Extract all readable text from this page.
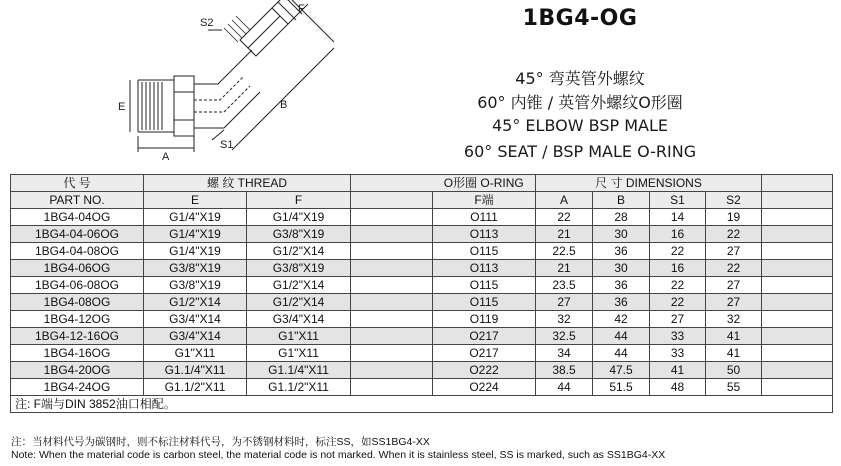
S2
F
E
A
B
S1
1BG4-OG
45° 弯英管外螺纹
60° 内锥 / 英管外螺纹O形圈
45° ELBOW BSP MALE
60° SEAT / BSP MALE O-RING
代 号	螺 纹 THREAD			O形圈 O-RING	尺 寸 DIMENSIONS				
PART NO.	E	F		F端	A	B	S1	S2	
1BG4-04OG	G1/4"X19	G1/4"X19		O111	22	28	14	19	
1BG4-04-06OG	G1/4"X19	G3/8"X19		O113	21	30	16	22	
1BG4-04-08OG	G1/4"X19	G1/2"X14		O115	22.5	36	22	27	
1BG4-06OG	G3/8"X19	G3/8"X19		O113	21	30	16	22	
1BG4-06-08OG	G3/8"X19	G1/2"X14		O115	23.5	36	22	27	
1BG4-08OG	G1/2"X14	G1/2"X14		O115	27	36	22	27	
1BG4-12OG	G3/4"X14	G3/4"X14		O119	32	42	27	32	
1BG4-12-16OG	G3/4"X14	G1"X11		O217	32.5	44	33	41	
1BG4-16OG	G1"X11	G1"X11		O217	34	44	33	41	
1BG4-20OG	G1.1/4"X11	G1.1/4"X11		O222	38.5	47.5	41	50	
1BG4-24OG	G1.1/2"X11	G1.1/2"X11		O224	44	51.5	48	55	
注: F端与DIN 3852油口相配。									
注：当材料代号为碳钢时，则不标注材料代号，为不锈钢材料时，标注SS，如SS1BG4-XX
Note: When the material code is carbon steel, the material code is not marked. When it is stainless steel, SS is marked, such as SS1BG4-XX
